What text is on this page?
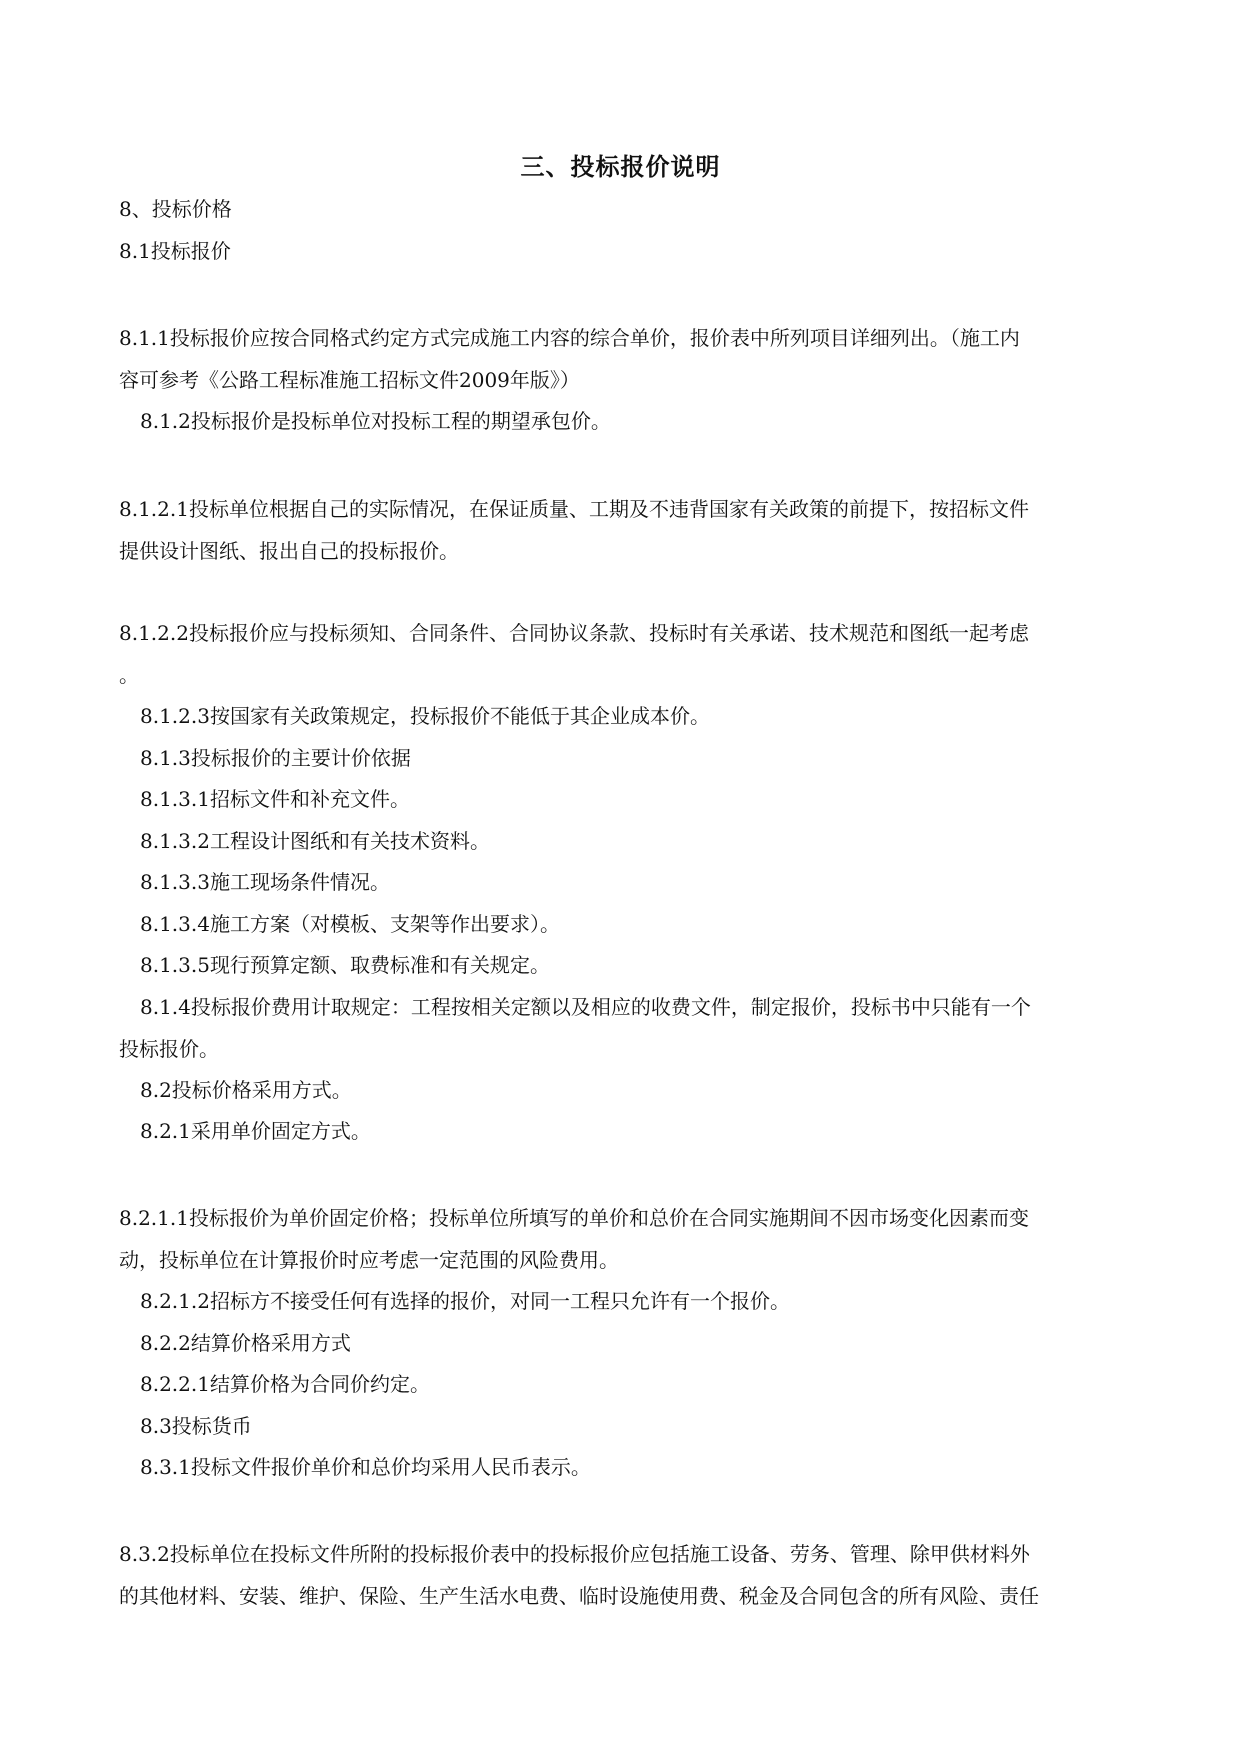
三、投标报价说明
8、投标价格
8.1投标报价
8.1.1投标报价应按合同格式约定方式完成施工内容的综合单价，报价表中所列项目详细列出。（施工内
容可参考《公路工程标准施工招标文件2009年版》）
8.1.2投标报价是投标单位对投标工程的期望承包价。
8.1.2.1投标单位根据自己的实际情况，在保证质量、工期及不违背国家有关政策的前提下，按招标文件
提供设计图纸、报出自己的投标报价。
8.1.2.2投标报价应与投标须知、合同条件、合同协议条款、投标时有关承诺、技术规范和图纸一起考虑
。
8.1.2.3按国家有关政策规定，投标报价不能低于其企业成本价。
8.1.3投标报价的主要计价依据
8.1.3.1招标文件和补充文件。
8.1.3.2工程设计图纸和有关技术资料。
8.1.3.3施工现场条件情况。
8.1.3.4施工方案（对模板、支架等作出要求）。
8.1.3.5现行预算定额、取费标准和有关规定。
8.1.4投标报价费用计取规定：工程按相关定额以及相应的收费文件，制定报价，投标书中只能有一个
投标报价。
8.2投标价格采用方式。
8.2.1采用单价固定方式。
8.2.1.1投标报价为单价固定价格；投标单位所填写的单价和总价在合同实施期间不因市场变化因素而变
动，投标单位在计算报价时应考虑一定范围的风险费用。
8.2.1.2招标方不接受任何有选择的报价，对同一工程只允许有一个报价。
8.2.2结算价格采用方式
8.2.2.1结算价格为合同价约定。
8.3投标货币
8.3.1投标文件报价单价和总价均采用人民币表示。
8.3.2投标单位在投标文件所附的投标报价表中的投标报价应包括施工设备、劳务、管理、除甲供材料外
的其他材料、安装、维护、保险、生产生活水电费、临时设施使用费、税金及合同包含的所有风险、责任
